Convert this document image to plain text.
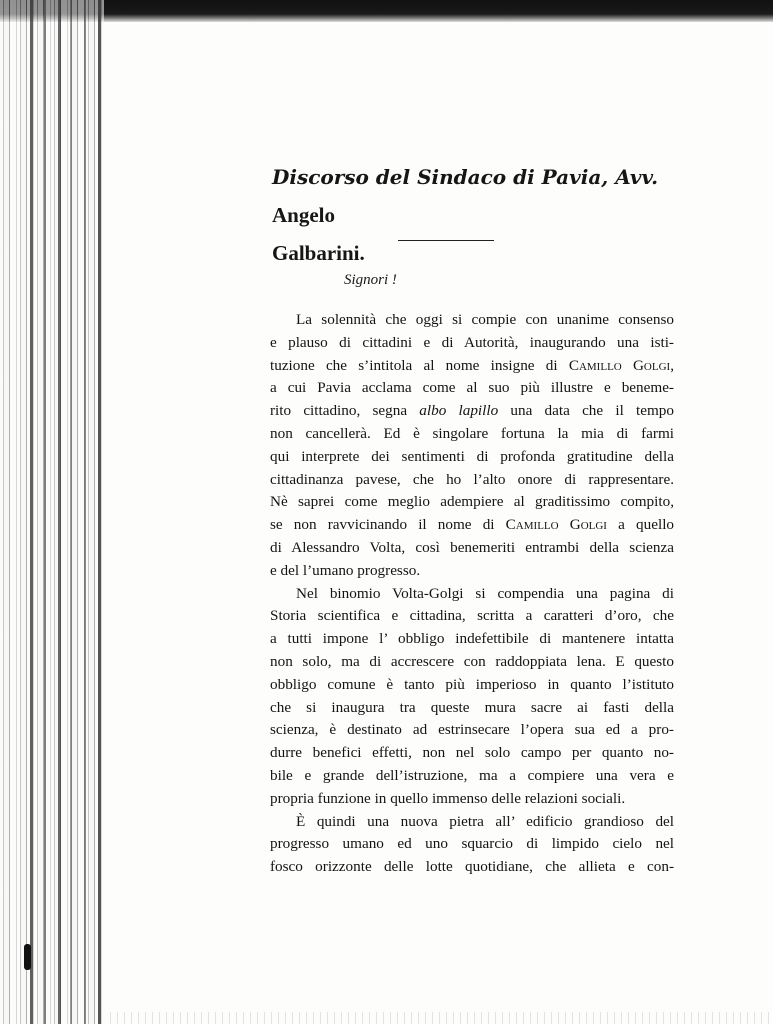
Discorso del Sindaco di Pavia, Avv. Angelo
Galbarini.
Signori !

La solennità che oggi si compie con unanime consenso
e plauso di cittadini e di Autorità, inaugurando una isti-
tuzione che s’intitola al nome insigne di Camillo Golgi,
a cui Pavia acclama come al suo più illustre e beneme-
rito cittadino, segna albo lapillo una data che il tempo
non cancellerà. Ed è singolare fortuna la mia di farmi
qui interprete dei sentimenti di profonda gratitudine della
cittadinanza pavese, che ho l’alto onore di rappresentare.
Nè saprei come meglio adempiere al graditissimo compito,
se non ravvicinando il nome di Camillo Golgi a quello
di Alessandro Volta, così benemeriti entrambi della scienza
e del l’umano progresso.

Nel binomio Volta-Golgi si compendia una pagina di
Storia scientifica e cittadina, scritta a caratteri d’oro, che
a tutti impone l’ obbligo indefettibile di mantenere intatta
non solo, ma di accrescere con raddoppiata lena. E questo
obbligo comune è tanto più imperioso in quanto l’istituto
che si inaugura tra queste mura sacre ai fasti della
scienza, è destinato ad estrinsecare l’opera sua ed a pro-
durre benefici effetti, non nel solo campo per quanto no-
bile e grande dell’istruzione, ma a compiere una vera e
propria funzione in quello immenso delle relazioni sociali.

È quindi una nuova pietra all’ edificio grandioso del
progresso umano ed uno squarcio di limpido cielo nel
fosco orizzonte delle lotte quotidiane, che allieta e con-
